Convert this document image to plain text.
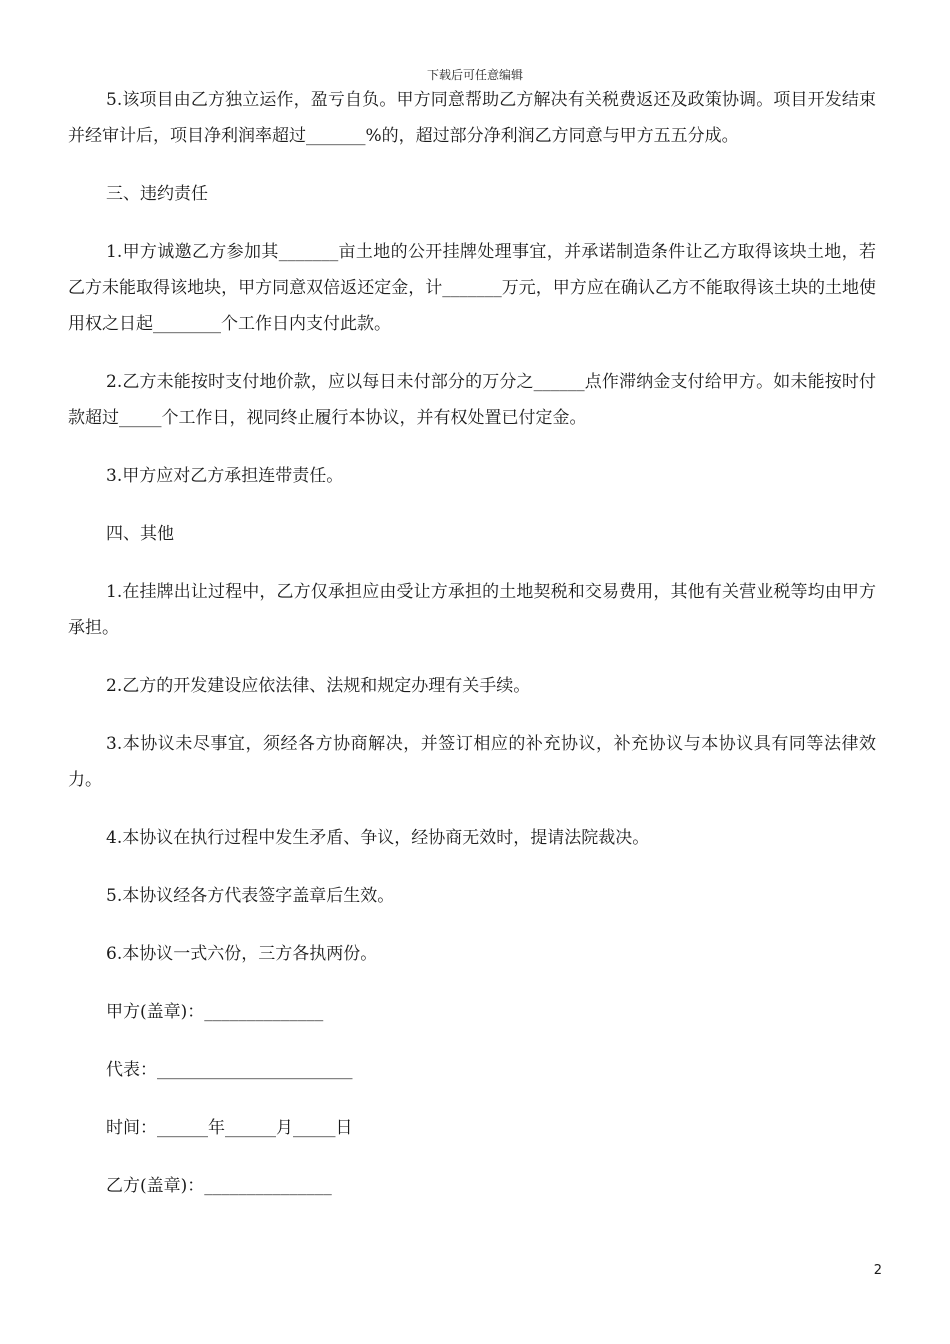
下载后可任意编辑

5.该项目由乙方独立运作，盈亏自负。甲方同意帮助乙方解决有关税费返还及政策协调。项目开发结束并经审计后，项目净利润率超过_______%的，超过部分净利润乙方同意与甲方五五分成。

三、违约责任

1.甲方诚邀乙方参加其_______亩土地的公开挂牌处理事宜，并承诺制造条件让乙方取得该块土地，若乙方未能取得该地块，甲方同意双倍返还定金，计_______万元，甲方应在确认乙方不能取得该土块的土地使用权之日起________个工作日内支付此款。

2.乙方未能按时支付地价款，应以每日未付部分的万分之______点作滞纳金支付给甲方。如未能按时付款超过_____个工作日，视同终止履行本协议，并有权处置已付定金。

3.甲方应对乙方承担连带责任。

四、其他

1.在挂牌出让过程中，乙方仅承担应由受让方承担的土地契税和交易费用，其他有关营业税等均由甲方承担。

2.乙方的开发建设应依法律、法规和规定办理有关手续。

3.本协议未尽事宜，须经各方协商解决，并签订相应的补充协议，补充协议与本协议具有同等法律效力。

4.本协议在执行过程中发生矛盾、争议，经协商无效时，提请法院裁决。

5.本协议经各方代表签字盖章后生效。

6.本协议一式六份，三方各执两份。

甲方(盖章)：______________
代表：_______________________
时间：______年______月_____日
乙方(盖章)：_______________
2
